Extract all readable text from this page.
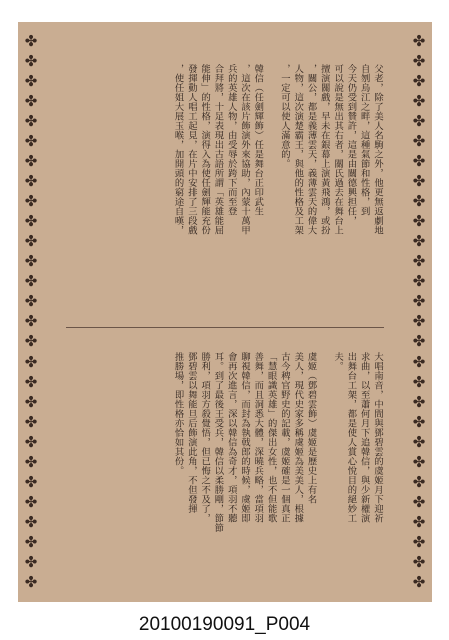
✤
✤
✤
✤
✤
✤
✤
✤
✤
✤
✤
✤
✤
✤
✤
✤
✤
✤
✤
✤
✤
✤
✤
✤
✤
✤
✤
✤
✤
✤
✤
✤
✤
✤
✤
✤
✤
✤
✤
✤
✤
✤
✤
✤
✤
✤
✤
✤
✤
✤
✤
✤
✤
✤
✤
✤
父老，除了美人名駒之外，他更無返劇地
自刎烏江之畔，這種氣節和性格，到
今天仍受到贊許，這是由關德興担任，
可以說是無出其右者，關氏過去在舞台上
擅演關戲，早未在銀幕上演黃飛鴻，或扮
，關公，都是義薄雲天，義薄雲天的偉大
人物，這次演楚霸王，與他的性格及工架
，一定可以使人滿意的。

韓信（任劍輝飾）任是舞台正印武生
，這次在該片飾演外來協助，內蒙十萬甲
兵的英雄人物，由受辱於跨下而至登
合拜將，十足表現出古語所謂「英雄能屈
能伸」的性格，演得入為使任劍輝能充份
發揮動人唱工起見，在片中安排了三段戲
，使任姐大展玉喉，加開頭的窮途自嘆，
大唱南音，中間與鄧碧雲的虞姬月下迎祈
求曲，以至蕭何月下追韓信，與少新權演
出舞台工架，都是使人賞心悅目的絕妙工
夫。

虞姬（鄧碧雲飾）虞姬是歷史上有名
美人，現代史家多稱虞姬為美美人，根據
古今稗官野史的記載，虞姬確是一個真正
「慧眼識英雄」的傑出女性，也不但能歌
善舞，而且洞悉大體，深曉兵略，當項羽
聊視韓信，而封為執戟郎的時候，虞姬即
會再次進言，深以韓信為奇才，項羽不聽
耳。到了最後王受兵，韓信以柔勝剛，節節
勝利，項羽方殺覺悟，但已悔之不及了，
鄧碧雲以舞能旦后飾演此角，不但發揮
推勝場，即性格亦恰如其份。
20100190091_P004
